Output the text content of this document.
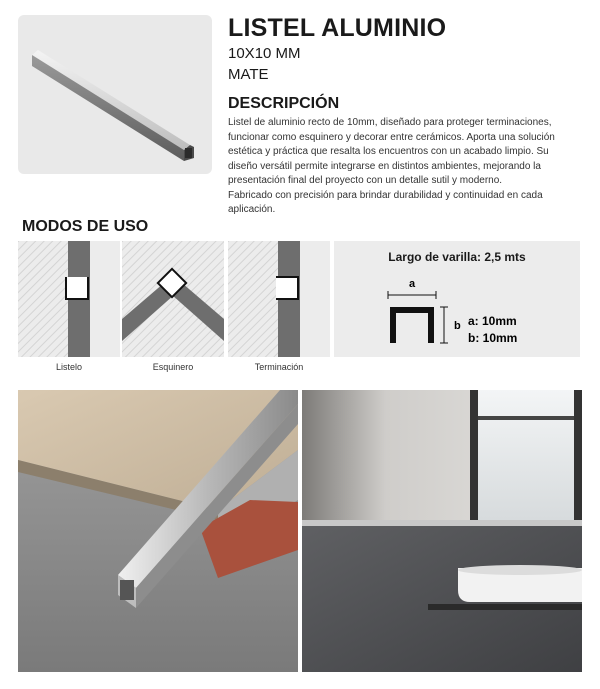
LISTEL ALUMINIO
10X10 MM
MATE
DESCRIPCIÓN
Listel de aluminio recto de 10mm, diseñado para proteger terminaciones,
funcionar como esquinero y decorar entre cerámicos. Aporta una solución
estética y práctica que resalta los encuentros con un acabado limpio. Su
diseño versátil permite integrarse en distintos ambientes, mejorando la
presentación final del proyecto con un detalle sutil y moderno.
Fabricado con precisión para brindar durabilidad y continuidad en cada
aplicación.
MODOS DE USO
Listelo	Esquinero	Terminación
Largo de varilla: 2,5 mts
a
b a: 10mm
b: 10mm
